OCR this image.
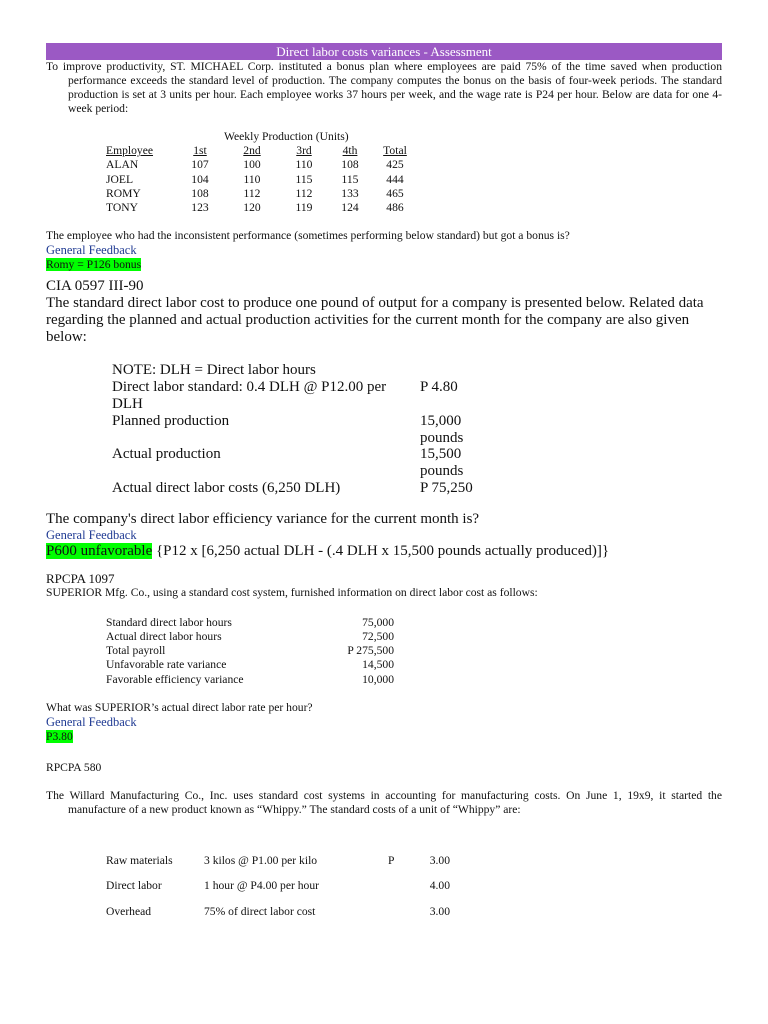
Direct labor costs variances - Assessment
To improve productivity, ST. MICHAEL Corp. instituted a bonus plan where employees are paid 75% of the time saved when production performance exceeds the standard level of production. The company computes the bonus on the basis of four-week periods. The standard production is set at 3 units per hour. Each employee works 37 hours per week, and the wage rate is P24 per hour. Below are data for one 4-week period:
Weekly Production (Units)
Employee	1st	2nd	3rd	4th	Total
ALAN	107	100	110	108	425
JOEL	104	110	115	115	444
ROMY	108	112	112	133	465
TONY	123	120	119	124	486
The employee who had the inconsistent performance (sometimes performing below standard) but got a bonus is?
General Feedback
Romy = P126 bonus
CIA 0597 III-90
The standard direct labor cost to produce one pound of output for a company is presented below. Related data regarding the planned and actual production activities for the current month for the company are also given below:
NOTE: DLH = Direct labor hours	
Direct labor standard: 0.4 DLH @ P12.00 per DLH	P 4.80
Planned production	15,000 pounds
Actual production	15,500 pounds
Actual direct labor costs (6,250 DLH)	P 75,250
The company's direct labor efficiency variance for the current month is?
General Feedback
P600 unfavorable {P12 x [6,250 actual DLH - (.4 DLH x 15,500 pounds actually produced)]}
RPCPA 1097
SUPERIOR Mfg. Co., using a standard cost system, furnished information on direct labor cost as follows:
Standard direct labor hours	75,000
Actual direct labor hours	72,500
Total payroll	P 275,500
Unfavorable rate variance	14,500
Favorable efficiency variance	10,000
What was SUPERIOR’s actual direct labor rate per hour?
General Feedback
P3.80
RPCPA 580
The Willard Manufacturing Co., Inc. uses standard cost systems in accounting for manufacturing costs. On June 1, 19x9, it started the manufacture of a new product known as “Whippy.” The standard costs of a unit of “Whippy” are:
Raw materials	3 kilos @ P1.00 per kilo	P	3.00
Direct labor	1 hour @ P4.00 per hour		4.00
Overhead	75% of direct labor cost		3.00
